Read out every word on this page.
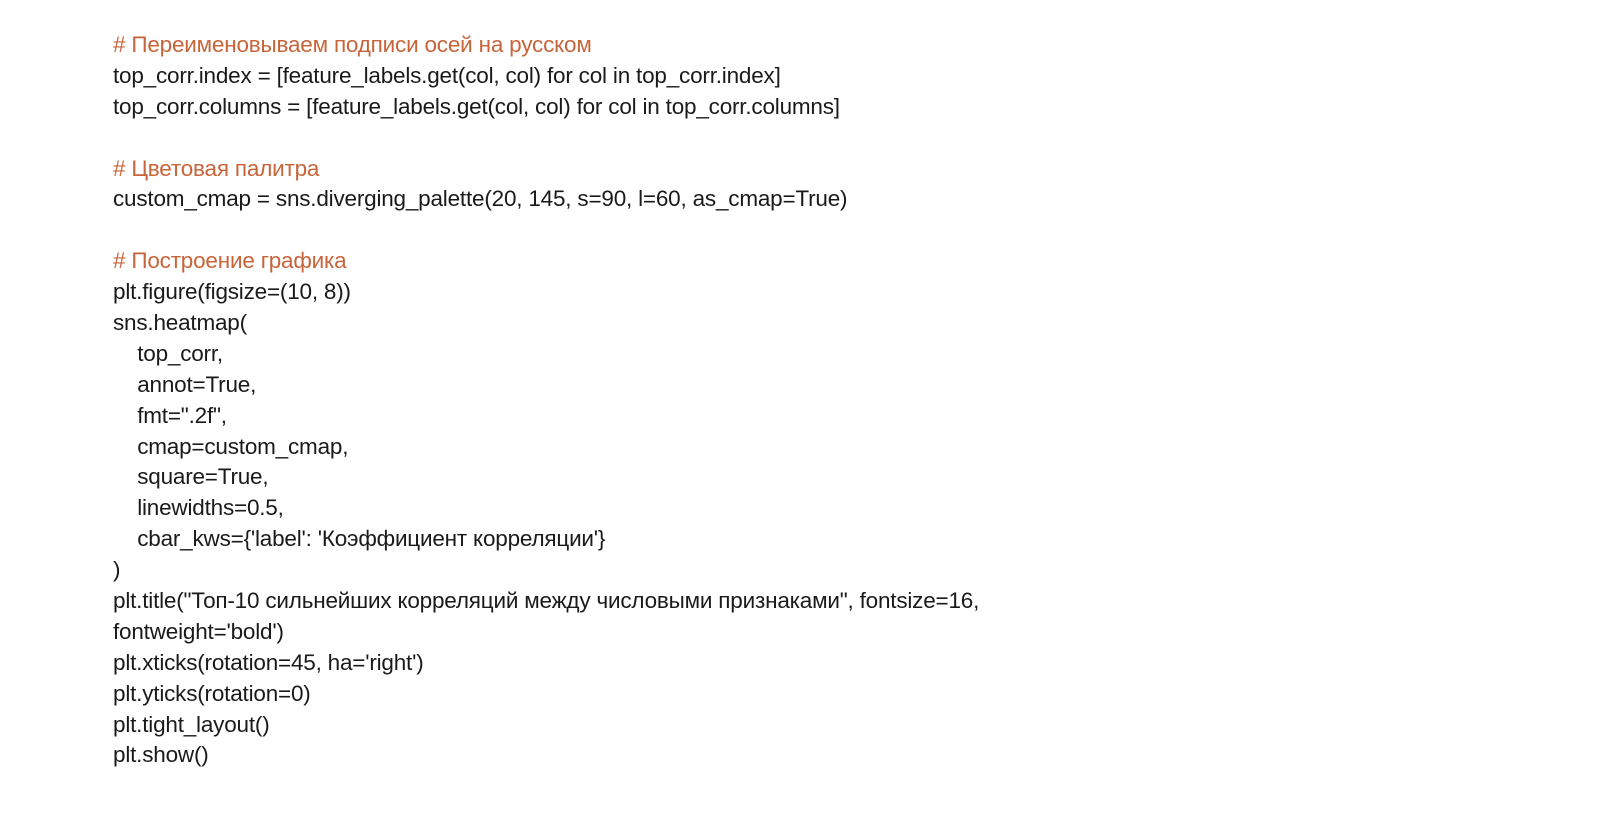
# Переименовываем подписи осей на русском
top_corr.index = [feature_labels.get(col, col) for col in top_corr.index]
top_corr.columns = [feature_labels.get(col, col) for col in top_corr.columns]
# Цветовая палитра
custom_cmap = sns.diverging_palette(20, 145, s=90, l=60, as_cmap=True)
# Построение графика
plt.figure(figsize=(10, 8))
sns.heatmap(
top_corr,
annot=True,
fmt=".2f",
cmap=custom_cmap,
square=True,
linewidths=0.5,
cbar_kws={'label': 'Коэффициент корреляции'}
)
plt.title("Топ-10 сильнейших корреляций между числовыми признаками", fontsize=16,
fontweight='bold')
plt.xticks(rotation=45, ha='right')
plt.yticks(rotation=0)
plt.tight_layout()
plt.show()
